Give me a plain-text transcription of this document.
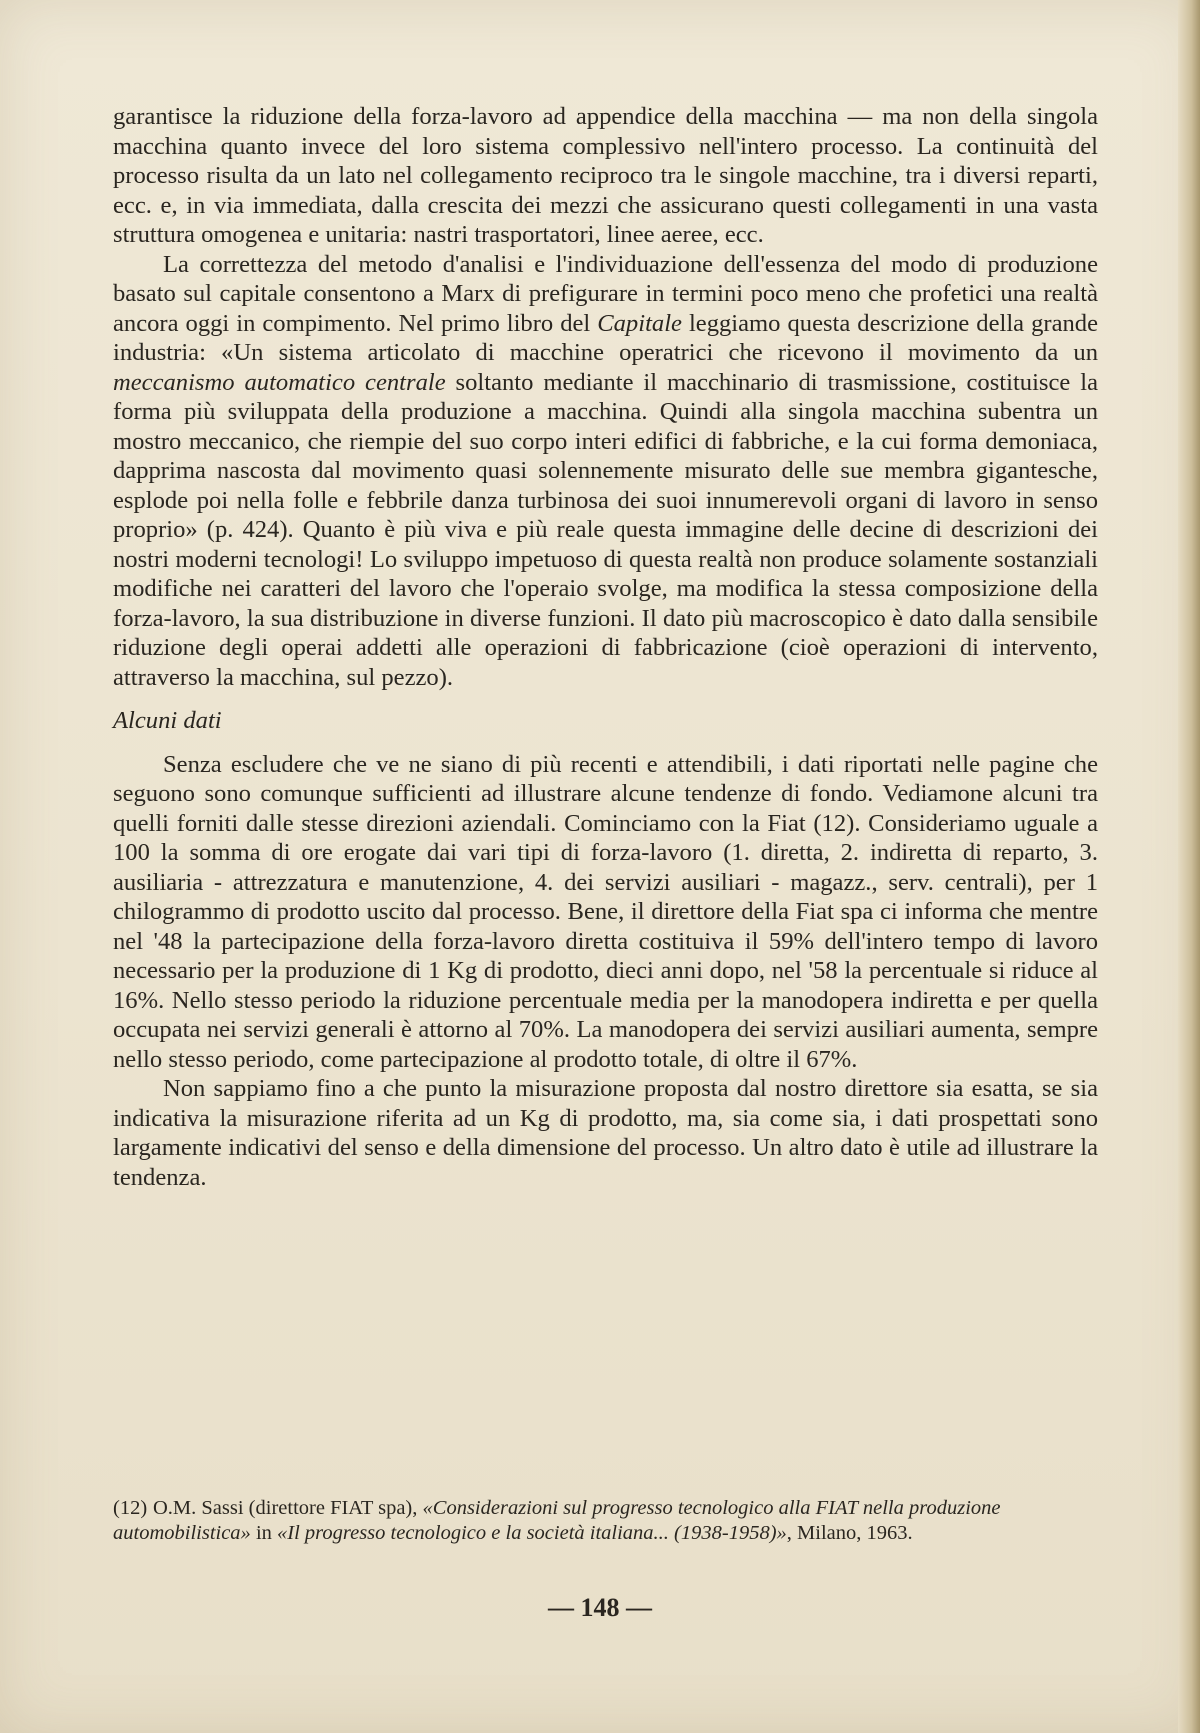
garantisce la riduzione della forza-lavoro ad appendice della macchina — ma non della singola macchina quanto invece del loro sistema complessivo nell'intero processo. La continuità del processo risulta da un lato nel collegamento reciproco tra le singole macchine, tra i diversi reparti, ecc. e, in via immediata, dalla crescita dei mezzi che assicurano questi collegamenti in una vasta struttura omogenea e unitaria: nastri trasportatori, linee aeree, ecc.

La correttezza del metodo d'analisi e l'individuazione dell'essenza del modo di produzione basato sul capitale consentono a Marx di prefigurare in termini poco meno che profetici una realtà ancora oggi in compimento. Nel primo libro del Capitale leggiamo questa descrizione della grande industria: «Un sistema articolato di macchine operatrici che ricevono il movimento da un meccanismo automatico centrale soltanto mediante il macchinario di trasmissione, costituisce la forma più sviluppata della produzione a macchina. Quindi alla singola macchina subentra un mostro meccanico, che riempie del suo corpo interi edifici di fabbriche, e la cui forma demoniaca, dapprima nascosta dal movimento quasi solennemente misurato delle sue membra gigantesche, esplode poi nella folle e febbrile danza turbinosa dei suoi innumerevoli organi di lavoro in senso proprio» (p. 424). Quanto è più viva e più reale questa immagine delle decine di descrizioni dei nostri moderni tecnologi! Lo sviluppo impetuoso di questa realtà non produce solamente sostanziali modifiche nei caratteri del lavoro che l'operaio svolge, ma modifica la stessa composizione della forza-lavoro, la sua distribuzione in diverse funzioni. Il dato più macroscopico è dato dalla sensibile riduzione degli operai addetti alle operazioni di fabbricazione (cioè operazioni di intervento, attraverso la macchina, sul pezzo).

Alcuni dati

Senza escludere che ve ne siano di più recenti e attendibili, i dati riportati nelle pagine che seguono sono comunque sufficienti ad illustrare alcune tendenze di fondo. Vediamone alcuni tra quelli forniti dalle stesse direzioni aziendali. Cominciamo con la Fiat (12). Consideriamo uguale a 100 la somma di ore erogate dai vari tipi di forza-lavoro (1. diretta, 2. indiretta di reparto, 3. ausiliaria - attrezzatura e manutenzione, 4. dei servizi ausiliari - magazz., serv. centrali), per 1 chilogrammo di prodotto uscito dal processo. Bene, il direttore della Fiat spa ci informa che mentre nel '48 la partecipazione della forza-lavoro diretta costituiva il 59% dell'intero tempo di lavoro necessario per la produzione di 1 Kg di prodotto, dieci anni dopo, nel '58 la percentuale si riduce al 16%. Nello stesso periodo la riduzione percentuale media per la manodopera indiretta e per quella occupata nei servizi generali è attorno al 70%. La manodopera dei servizi ausiliari aumenta, sempre nello stesso periodo, come partecipazione al prodotto totale, di oltre il 67%.

Non sappiamo fino a che punto la misurazione proposta dal nostro direttore sia esatta, se sia indicativa la misurazione riferita ad un Kg di prodotto, ma, sia come sia, i dati prospettati sono largamente indicativi del senso e della dimensione del processo. Un altro dato è utile ad illustrare la tendenza.

(12) O.M. Sassi (direttore FIAT spa), «Considerazioni sul progresso tecnologico alla FIAT nella produzione automobilistica» in «Il progresso tecnologico e la società italiana... (1938-1958)», Milano, 1963.
— 148 —
